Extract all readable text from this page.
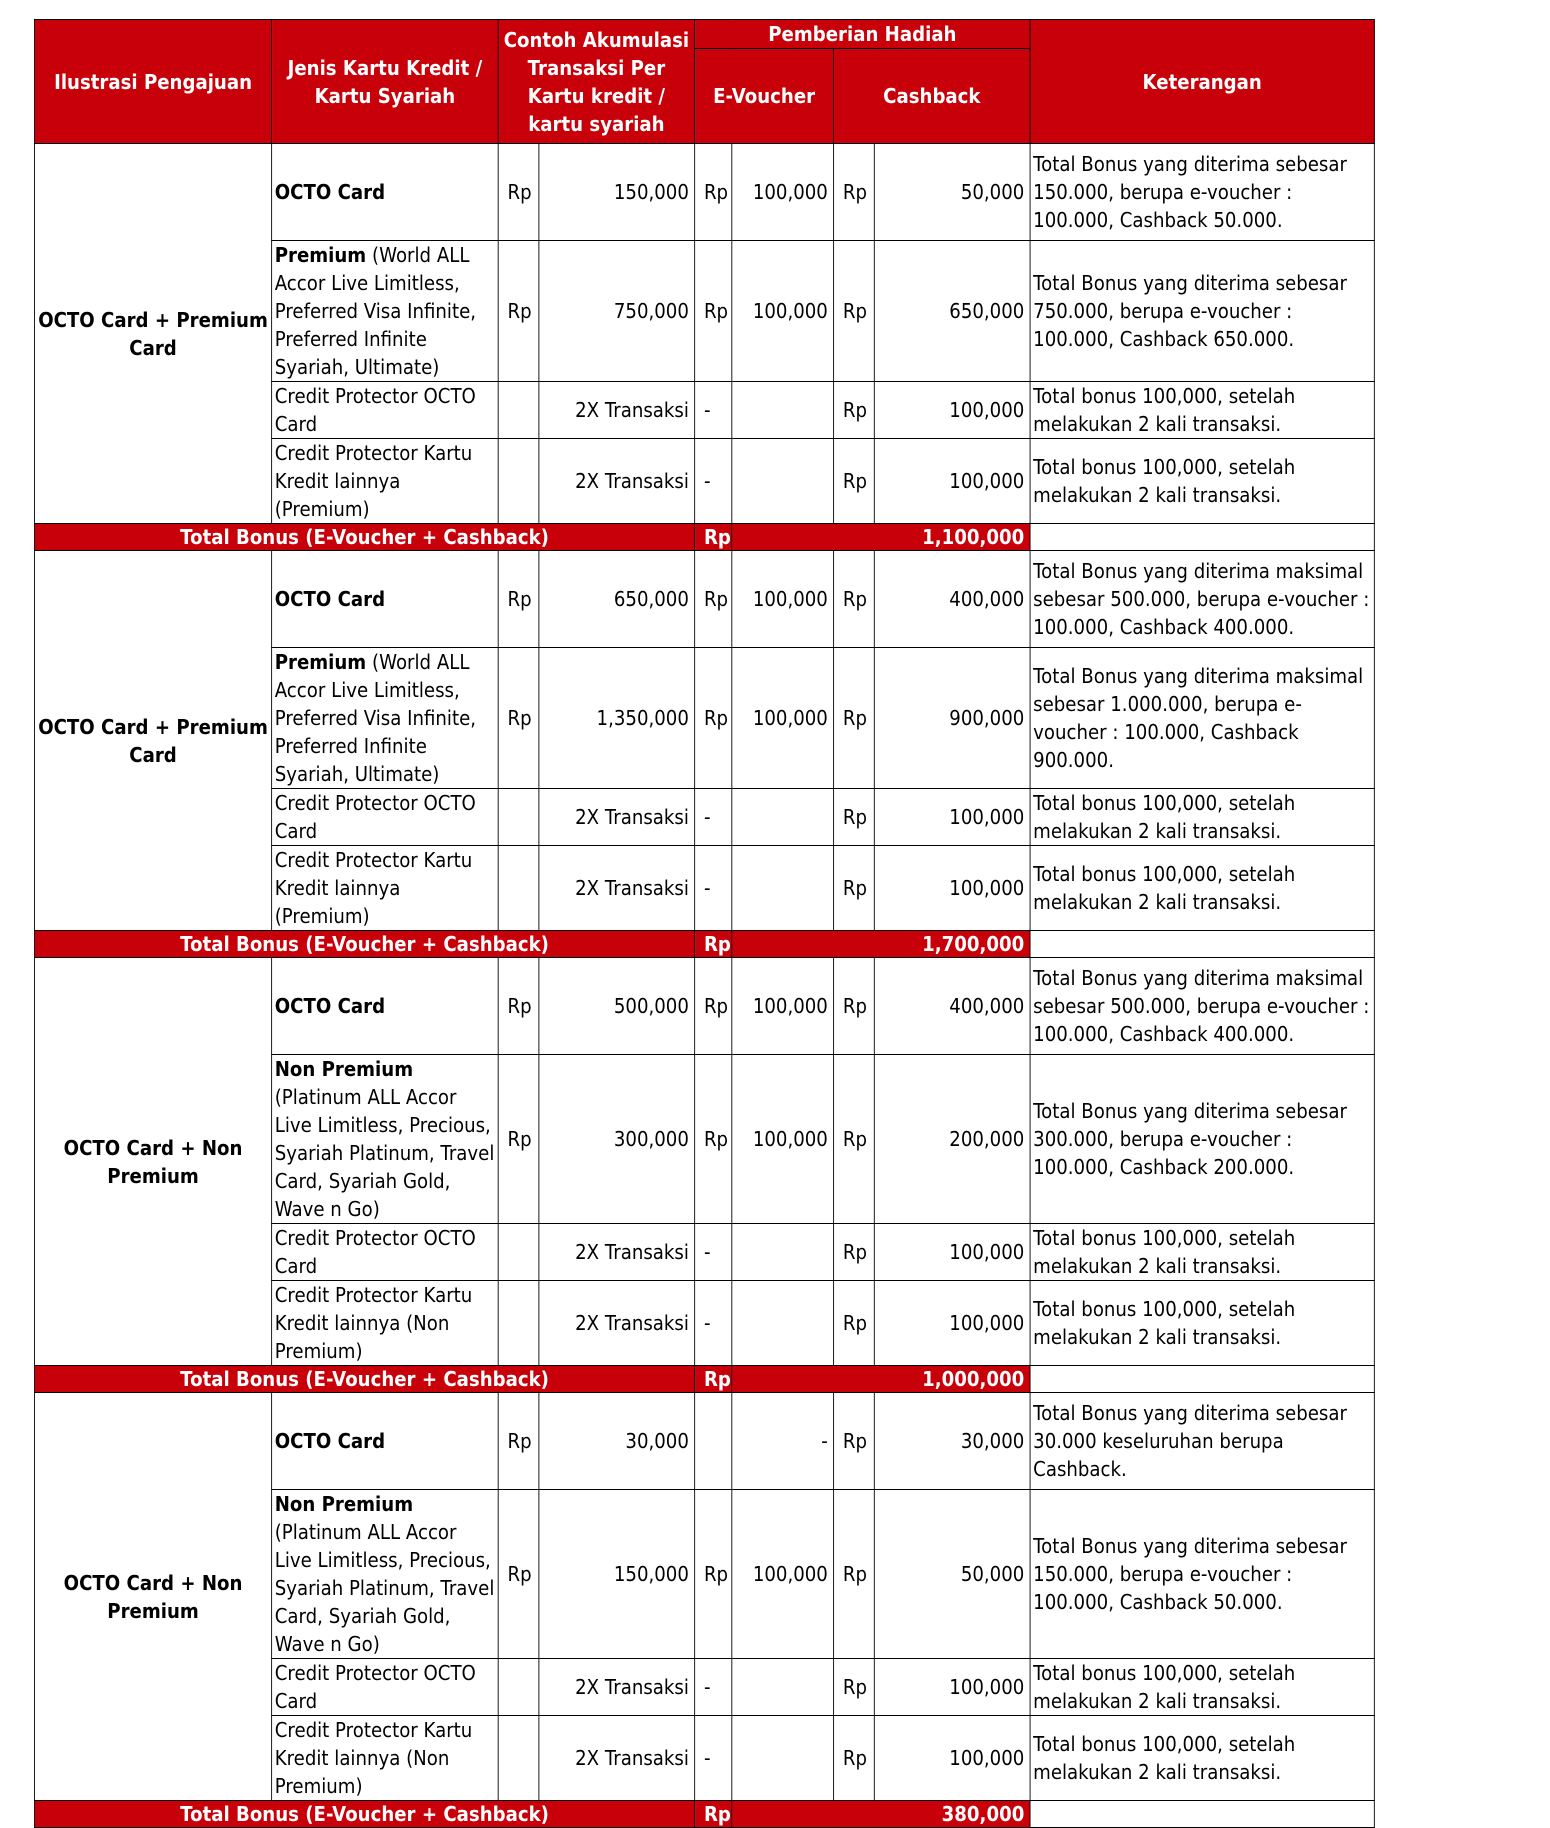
Ilustrasi Pengajuan	Jenis Kartu Kredit / Kartu Syariah	Contoh Akumulasi Transaksi Per Kartu kredit / kartu syariah		Pemberian Hadiah				Keterangan
				E-Voucher		Cashback		
OCTO Card + Premium Card	OCTO Card	Rp	150,000	Rp	100,000	Rp	50,000	Total Bonus yang diterima sebesar 150.000, berupa e-voucher : 100.000, Cashback 50.000.
	Premium (World ALL Accor Live Limitless, Preferred Visa Infinite, Preferred Infinite Syariah, Ultimate)	Rp	750,000	Rp	100,000	Rp	650,000	Total Bonus yang diterima sebesar 750.000, berupa e-voucher : 100.000, Cashback 650.000.
	Credit Protector OCTO Card		2X Transaksi	-		Rp	100,000	Total bonus 100,000, setelah melakukan 2 kali transaksi.
	Credit Protector Kartu Kredit lainnya (Premium)		2X Transaksi	-		Rp	100,000	Total bonus 100,000, setelah melakukan 2 kali transaksi.
Total Bonus (E-Voucher + Cashback)				Rp	1,100,000			
OCTO Card + Premium Card	OCTO Card	Rp	650,000	Rp	100,000	Rp	400,000	Total Bonus yang diterima maksimal sebesar 500.000, berupa e-voucher : 100.000, Cashback 400.000.
	Premium (World ALL Accor Live Limitless, Preferred Visa Infinite, Preferred Infinite Syariah, Ultimate)	Rp	1,350,000	Rp	100,000	Rp	900,000	Total Bonus yang diterima maksimal sebesar 1.000.000, berupa e-voucher : 100.000, Cashback 900.000.
	Credit Protector OCTO Card		2X Transaksi	-		Rp	100,000	Total bonus 100,000, setelah melakukan 2 kali transaksi.
	Credit Protector Kartu Kredit lainnya (Premium)		2X Transaksi	-		Rp	100,000	Total bonus 100,000, setelah melakukan 2 kali transaksi.
Total Bonus (E-Voucher + Cashback)				Rp	1,700,000			
OCTO Card + Non Premium	OCTO Card	Rp	500,000	Rp	100,000	Rp	400,000	Total Bonus yang diterima maksimal sebesar 500.000, berupa e-voucher : 100.000, Cashback 400.000.
	Non Premium (Platinum ALL Accor Live Limitless, Precious, Syariah Platinum, Travel Card, Syariah Gold, Wave n Go)	Rp	300,000	Rp	100,000	Rp	200,000	Total Bonus yang diterima sebesar 300.000, berupa e-voucher : 100.000, Cashback 200.000.
	Credit Protector OCTO Card		2X Transaksi	-		Rp	100,000	Total bonus 100,000, setelah melakukan 2 kali transaksi.
	Credit Protector Kartu Kredit lainnya (Non Premium)		2X Transaksi	-		Rp	100,000	Total bonus 100,000, setelah melakukan 2 kali transaksi.
Total Bonus (E-Voucher + Cashback)				Rp	1,000,000			
OCTO Card + Non Premium	OCTO Card	Rp	30,000		-	Rp	30,000	Total Bonus yang diterima sebesar 30.000 keseluruhan berupa Cashback.
	Non Premium (Platinum ALL Accor Live Limitless, Precious, Syariah Platinum, Travel Card, Syariah Gold, Wave n Go)	Rp	150,000	Rp	100,000	Rp	50,000	Total Bonus yang diterima sebesar 150.000, berupa e-voucher : 100.000, Cashback 50.000.
	Credit Protector OCTO Card		2X Transaksi	-		Rp	100,000	Total bonus 100,000, setelah melakukan 2 kali transaksi.
	Credit Protector Kartu Kredit lainnya (Non Premium)		2X Transaksi	-		Rp	100,000	Total bonus 100,000, setelah melakukan 2 kali transaksi.
Total Bonus (E-Voucher + Cashback)				Rp	380,000			
